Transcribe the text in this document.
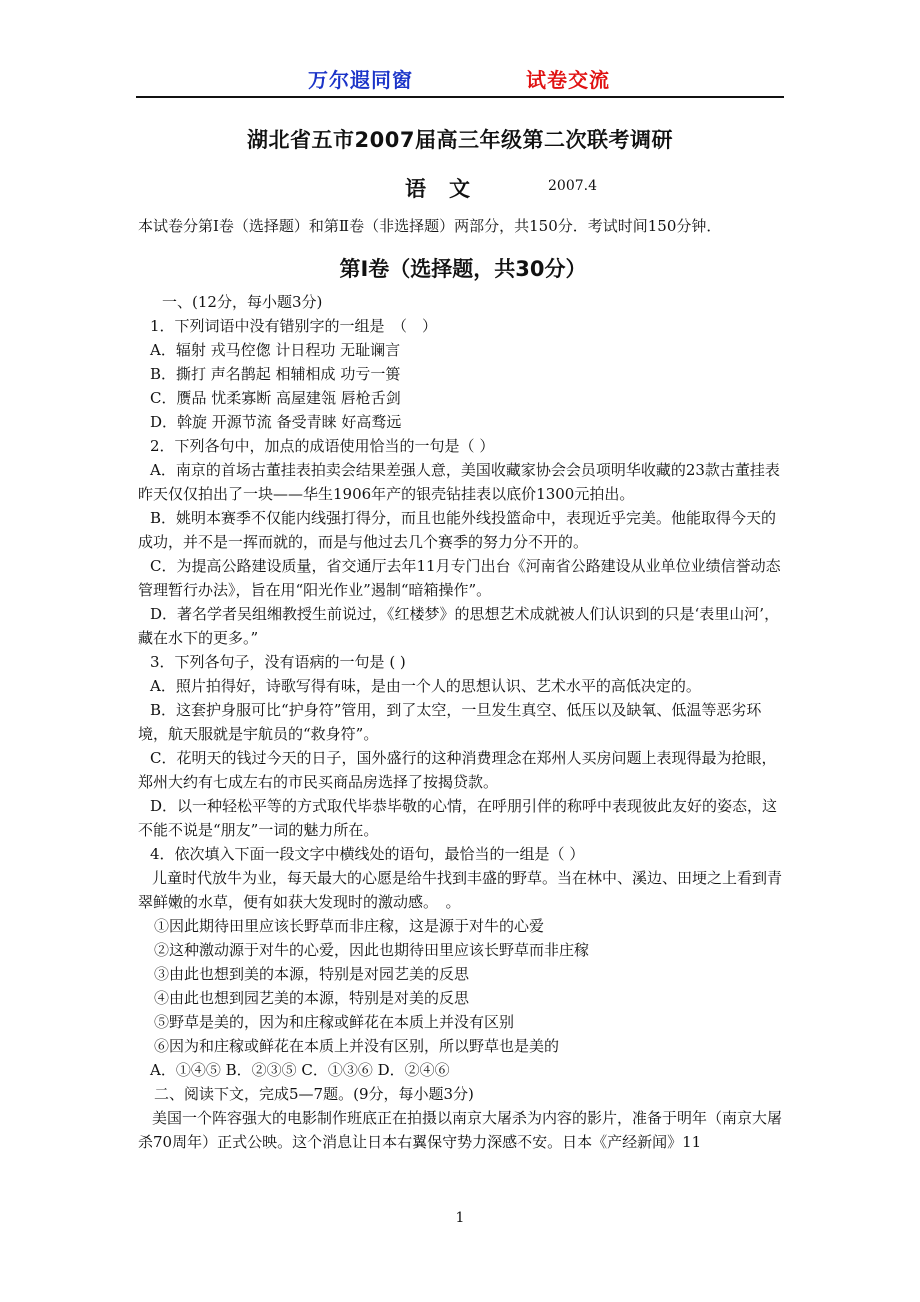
万尔遐同窗	试卷交流
湖北省五市2007届高三年级第二次联考调研
语　文	2007.4

本试卷分第Ⅰ卷（选择题）和第Ⅱ卷（非选择题）两部分，共150分．考试时间150分钟．

第Ⅰ卷（选择题，共30分）

一、(12分，每小题3分)

1．下列词语中没有错别字的一组是　（　）

A．辐射 戎马倥偬 计日程功 无耻谰言

B．撕打 声名鹊起 相辅相成 功亏一篑

C．赝品 忧柔寡断 高屋建瓴 唇枪舌剑

D．斡旋 开源节流 备受青睐 好高骛远

2．下列各句中，加点的成语使用恰当的一句是（ ）

A．南京的首场古董挂表拍卖会结果差强人意，美国收藏家协会会员项明华收藏的23款古董挂表昨天仅仅拍出了一块——华生1906年产的银壳钻挂表以底价1300元拍出。

B．姚明本赛季不仅能内线强打得分，而且也能外线投篮命中，表现近乎完美。他能取得今天的成功，并不是一挥而就的，而是与他过去几个赛季的努力分不开的。

C．为提高公路建设质量，省交通厅去年11月专门出台《河南省公路建设从业单位业绩信誉动态管理暂行办法》，旨在用“阳光作业”遏制“暗箱操作”。

D．著名学者吴组缃教授生前说过，《红楼梦》的思想艺术成就被人们认识到的只是‘表里山河’，藏在水下的更多。”

3．下列各句子，没有语病的一句是 ( )

A．照片拍得好，诗歌写得有味，是由一个人的思想认识、艺术水平的高低决定的。

B．这套护身服可比“护身符”管用，到了太空，一旦发生真空、低压以及缺氧、低温等恶劣环境，航天服就是宇航员的“救身符”。

C．花明天的钱过今天的日子，国外盛行的这种消费理念在郑州人买房问题上表现得最为抢眼，郑州大约有七成左右的市民买商品房选择了按揭贷款。

D．以一种轻松平等的方式取代毕恭毕敬的心情，在呼朋引伴的称呼中表现彼此友好的姿态，这不能不说是“朋友”一词的魅力所在。

4．依次填入下面一段文字中横线处的语句，最恰当的一组是（ ）

儿童时代放牛为业，每天最大的心愿是给牛找到丰盛的野草。当在林中、溪边、田埂之上看到青翠鲜嫩的水草，便有如获大发现时的激动感。　。

①因此期待田里应该长野草而非庄稼，这是源于对牛的心爱

②这种激动源于对牛的心爱，因此也期待田里应该长野草而非庄稼

③由此也想到美的本源，特别是对园艺美的反思

④由此也想到园艺美的本源，特别是对美的反思

⑤野草是美的，因为和庄稼或鲜花在本质上并没有区别

⑥因为和庄稼或鲜花在本质上并没有区别，所以野草也是美的

A．①④⑤ B．②③⑤ C．①③⑥ D．②④⑥

二、阅读下文，完成5—7题。(9分，每小题3分)

美国一个阵容强大的电影制作班底正在拍摄以南京大屠杀为内容的影片，准备于明年（南京大屠杀70周年）正式公映。这个消息让日本右翼保守势力深感不安。日本《产经新闻》11

1
